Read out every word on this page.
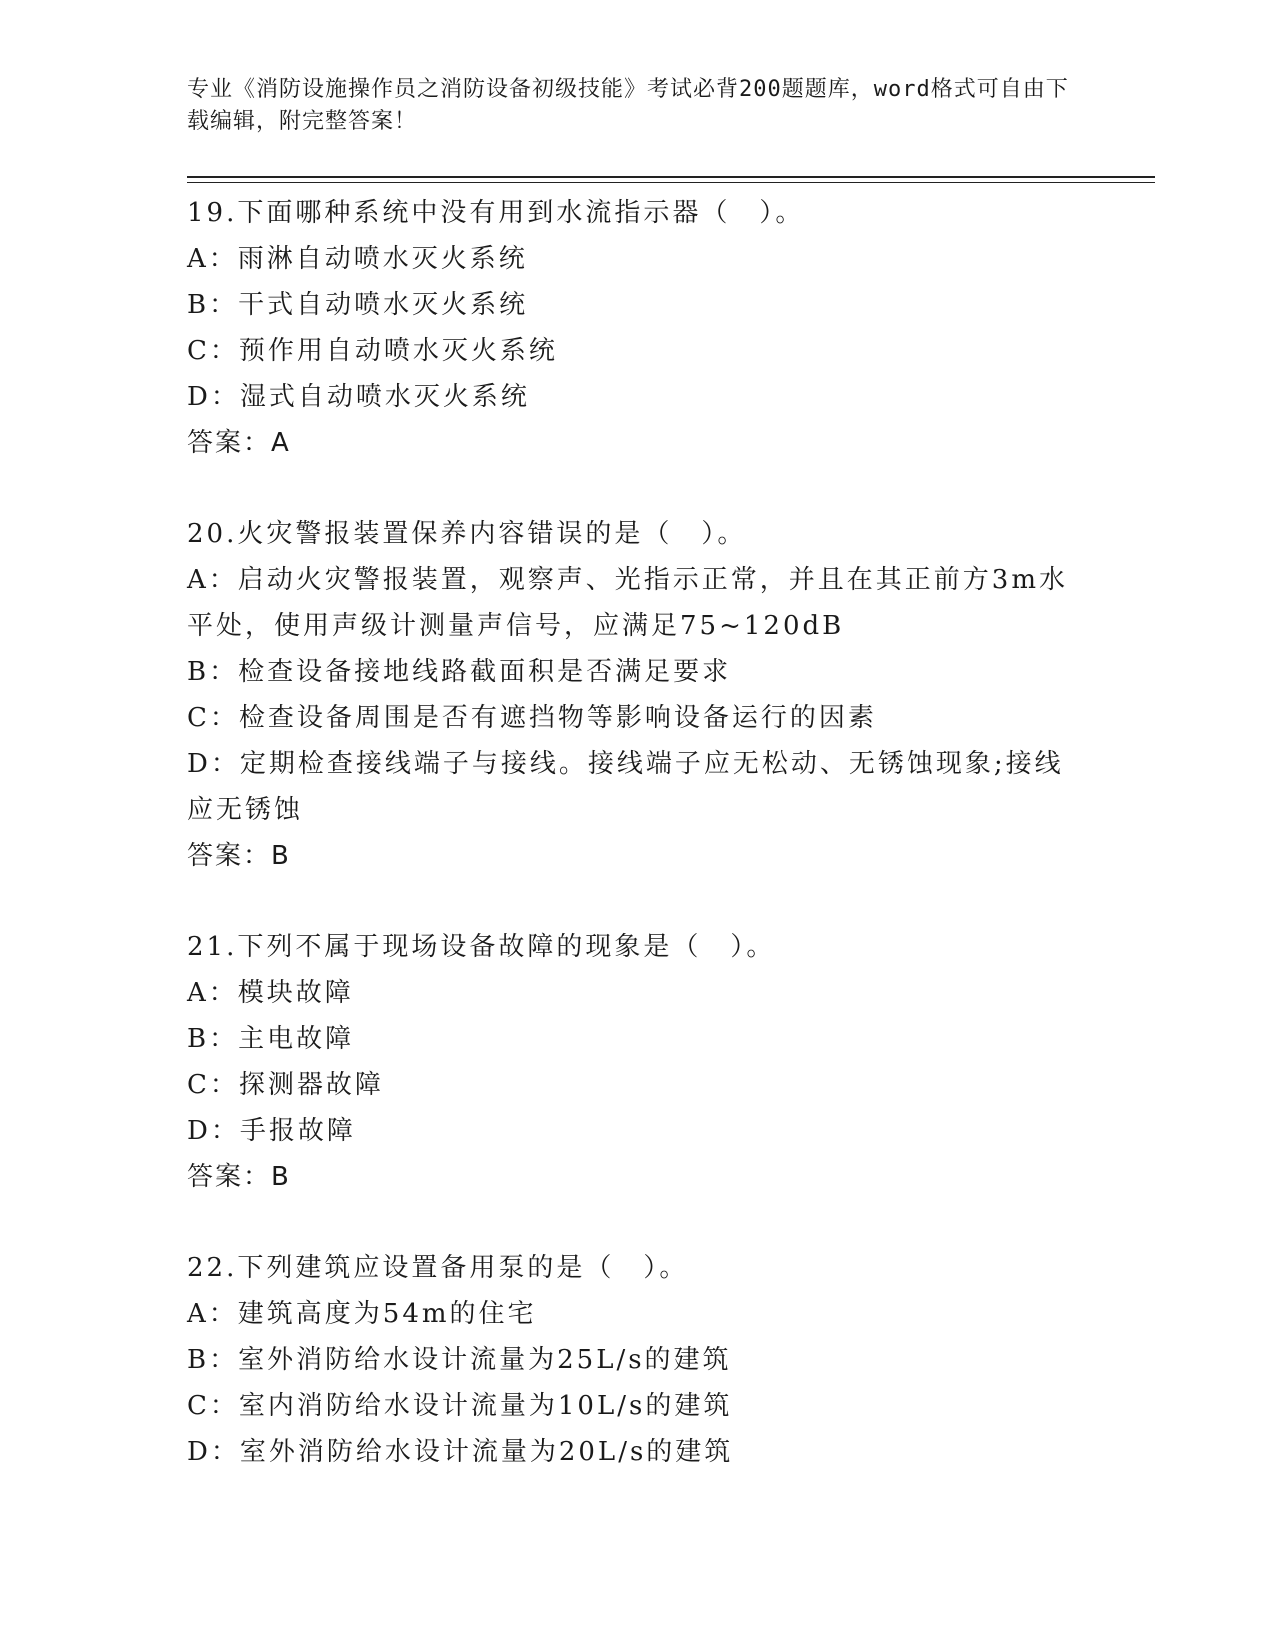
专业《消防设施操作员之消防设备初级技能》考试必背200题题库，word格式可自由下载编辑，附完整答案！
19.下面哪种系统中没有用到水流指示器（　）。
A：雨淋自动喷水灭火系统
B：干式自动喷水灭火系统
C：预作用自动喷水灭火系统
D：湿式自动喷水灭火系统
答案：A
20.火灾警报装置保养内容错误的是（　）。
A：启动火灾警报装置，观察声、光指示正常，并且在其正前方3m水平处，使用声级计测量声信号，应满足75~120dB
B：检查设备接地线路截面积是否满足要求
C：检查设备周围是否有遮挡物等影响设备运行的因素
D：定期检查接线端子与接线。接线端子应无松动、无锈蚀现象;接线应无锈蚀
答案：B
21.下列不属于现场设备故障的现象是（　）。
A：模块故障
B：主电故障
C：探测器故障
D：手报故障
答案：B
22.下列建筑应设置备用泵的是（　）。
A：建筑高度为54m的住宅
B：室外消防给水设计流量为25L/s的建筑
C：室内消防给水设计流量为10L/s的建筑
D：室外消防给水设计流量为20L/s的建筑
